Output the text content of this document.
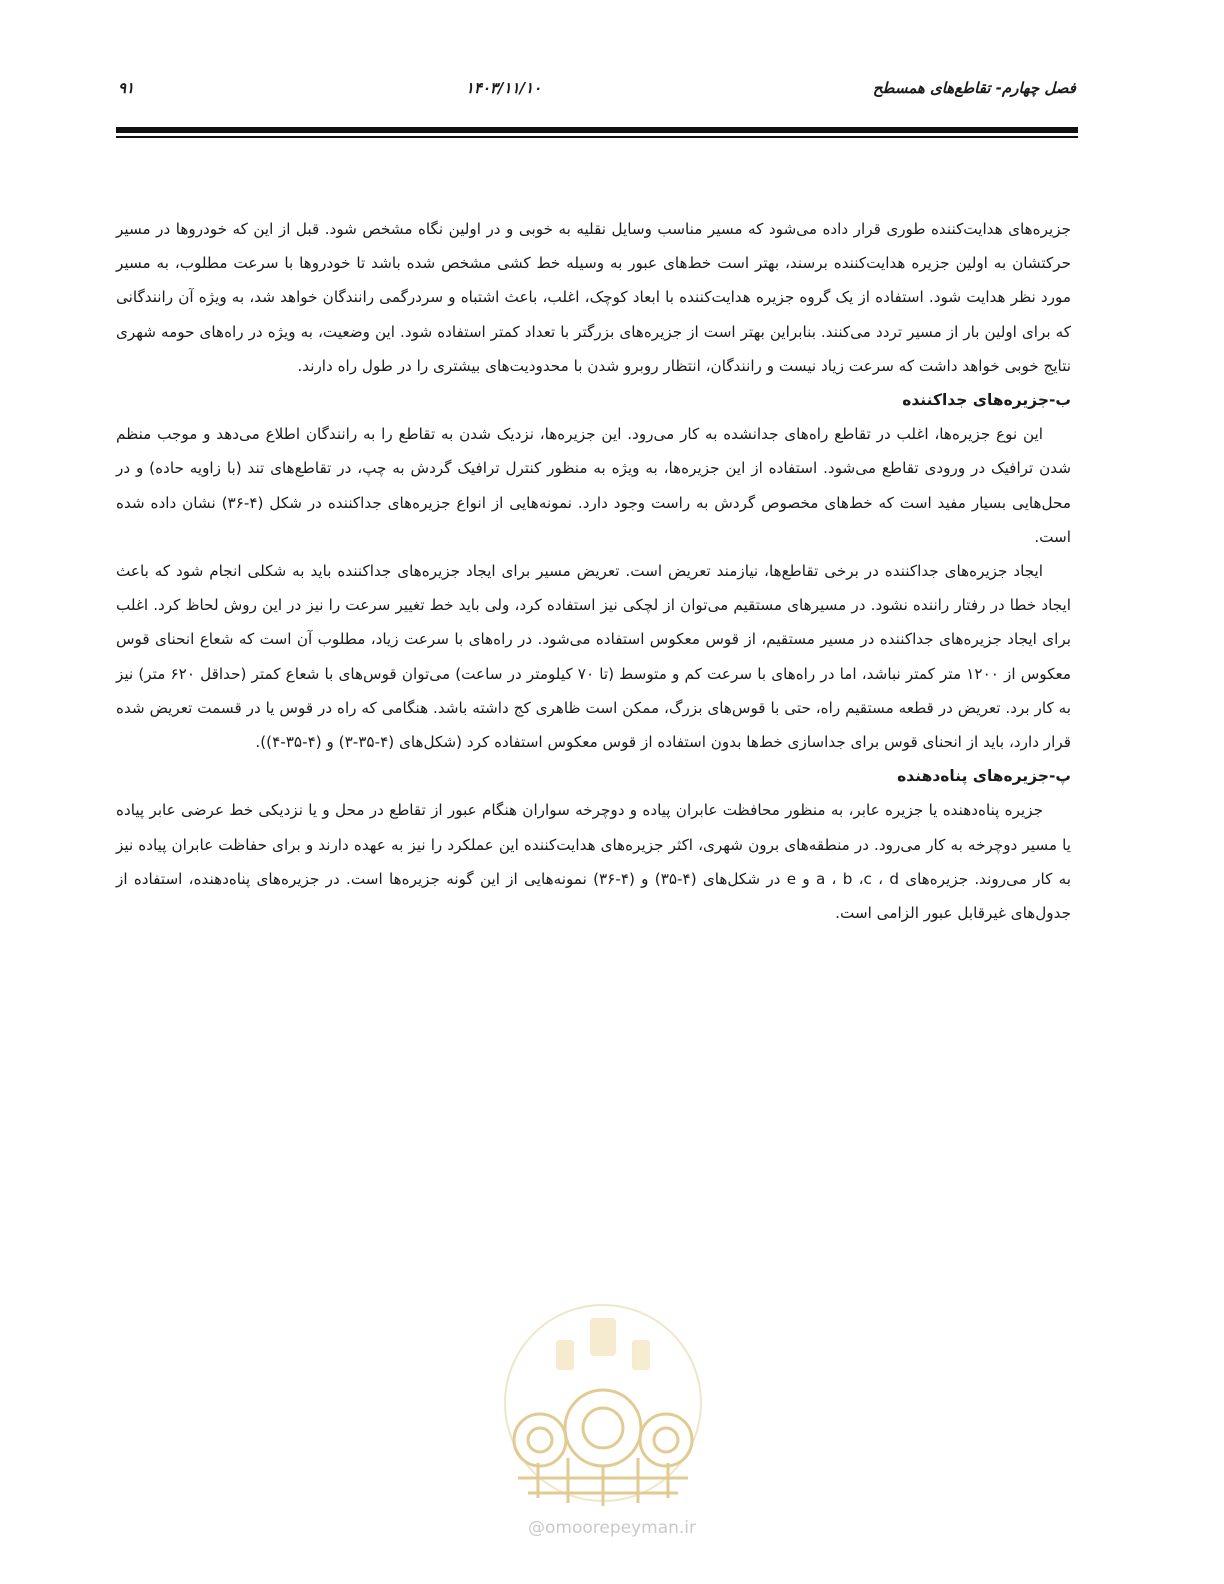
۹۱	۱۴۰۳/۱۱/۱۰	فصل چهارم- تقاطع‌های همسطح

جزیره‌های هدایت‌کننده طوری قرار داده می‌شود که مسیر مناسب وسایل نقلیه به خوبی و در اولین نگاه مشخص شود. قبل از این که خودروها در مسیر حرکتشان به اولین جزیره هدایت‌کننده برسند، بهتر است خط‌های عبور به وسیله خط کشی مشخص شده باشد تا خودروها با سرعت مطلوب، به مسیر مورد نظر هدایت شود. استفاده از یک گروه جزیره هدایت‌کننده با ابعاد کوچک، اغلب، باعث اشتباه و سردرگمی رانندگان خواهد شد، به ویژه آن رانندگانی که برای اولین بار از مسیر تردد می‌کنند. بنابراین بهتر است از جزیره‌های بزرگتر با تعداد کمتر استفاده شود. این وضعیت، به ویژه در راه‌های حومه شهری نتایج خوبی خواهد داشت که سرعت زیاد نیست و رانندگان، انتظار روبرو شدن با محدودیت‌های بیشتری را در طول راه دارند.

ب-جزیره‌های جداکننده

این نوع جزیره‌ها، اغلب در تقاطع راه‌های جدانشده به کار می‌رود. این جزیره‌ها، نزدیک شدن به تقاطع را به رانندگان اطلاع می‌دهد و موجب منظم شدن ترافیک در ورودی تقاطع می‌شود. استفاده از این جزیره‌ها، به ویژه به منظور کنترل ترافیک گردش به چپ، در تقاطع‌های تند (با زاویه حاده) و در محل‌هایی بسیار مفید است که خط‌های مخصوص گردش به راست وجود دارد. نمونه‌هایی از انواع جزیره‌های جداکننده در شکل (۴-۳۶) نشان داده شده است.

ایجاد جزیره‌های جداکننده در برخی تقاطع‌ها، نیازمند تعریض است. تعریض مسیر برای ایجاد جزیره‌های جداکننده باید به شکلی انجام شود که باعث ایجاد خطا در رفتار راننده نشود. در مسیرهای مستقیم می‌توان از لچکی نیز استفاده کرد، ولی باید خط تغییر سرعت را نیز در این روش لحاظ کرد. اغلب برای ایجاد جزیره‌های جداکننده در مسیر مستقیم، از قوس معکوس استفاده می‌شود. در راه‌های با سرعت زیاد، مطلوب آن است که شعاع انحنای قوس معکوس از ۱۲۰۰ متر کمتر نباشد، اما در راه‌های با سرعت کم و متوسط (تا ۷۰ کیلومتر در ساعت) می‌توان قوس‌های با شعاع کمتر (حداقل ۶۲۰ متر) نیز به کار برد. تعریض در قطعه مستقیم راه، حتی با قوس‌های بزرگ، ممکن است ظاهری کج داشته باشد. هنگامی که راه در قوس یا در قسمت تعریض شده قرار دارد، باید از انحنای قوس برای جداسازی خط‌ها بدون استفاده از قوس معکوس استفاده کرد (شکل‌های (۴-۳۵-۳) و (۴-۳۵-۴)).

پ-جزیره‌های پناه‌دهنده

جزیره پناه‌دهنده یا جزیره عابر، به منظور محافظت عابران پیاده و دوچرخه سواران هنگام عبور از تقاطع در محل و یا نزدیکی خط عرضی عابر پیاده یا مسیر دوچرخه به کار می‌رود. در منطقه‌های برون شهری، اکثر جزیره‌های هدایت‌کننده این عملکرد را نیز به عهده دارند و برای حفاظت عابران پیاده نیز به کار می‌روند. جزیره‌های a ، b ،c ، d و e در شکل‌های (۴-۳۵) و (۴-۳۶) نمونه‌هایی از این گونه جزیره‌ها است. در جزیره‌های پناه‌دهنده، استفاده از جدول‌های غیرقابل عبور الزامی است.

@omoorepeyman.ir
